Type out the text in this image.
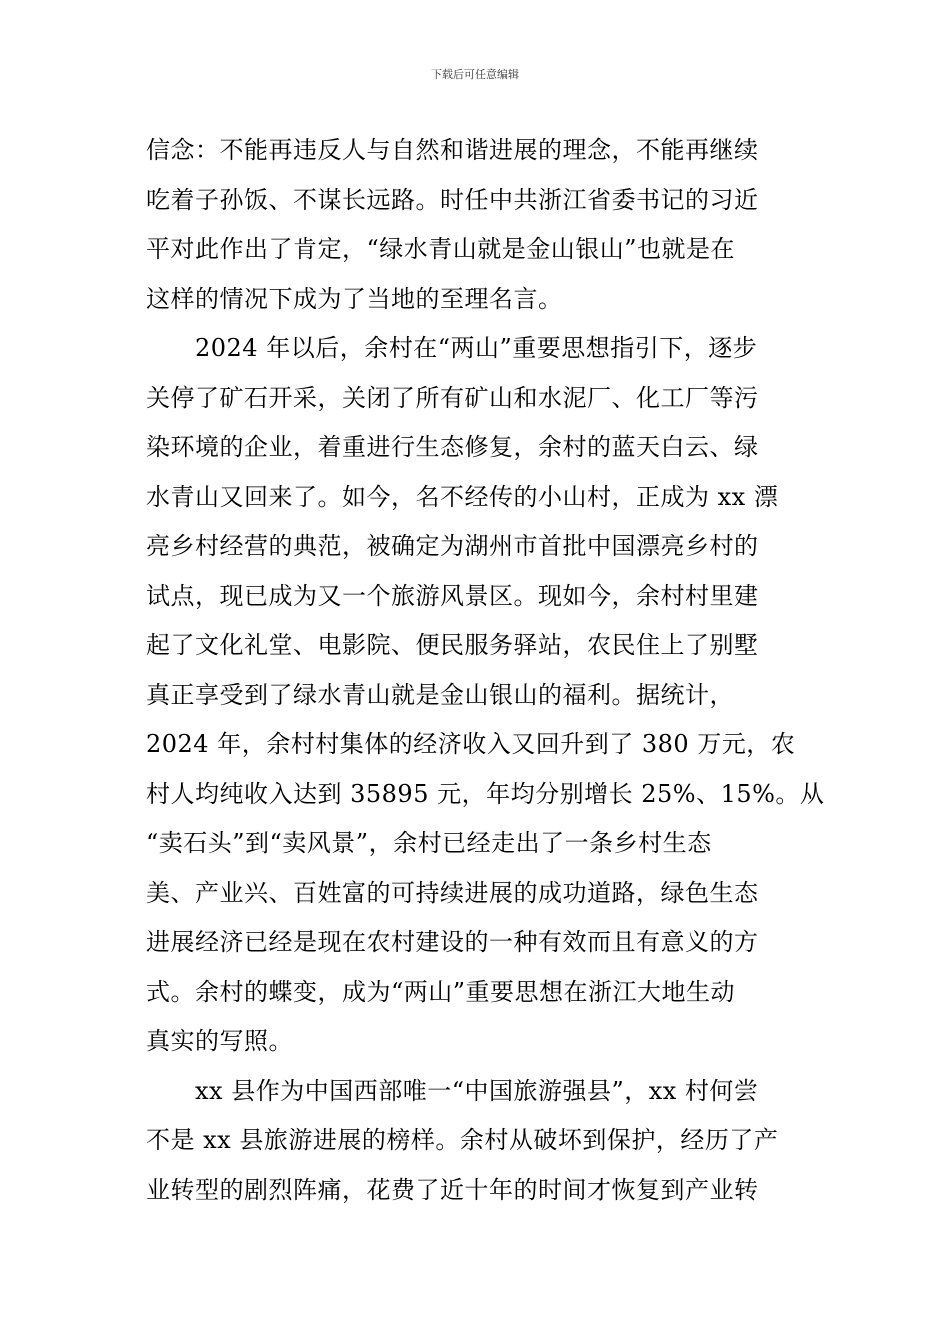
下载后可任意编辑
信念：不能再违反人与自然和谐进展的理念，不能再继续
吃着子孙饭、不谋长远路。时任中共浙江省委书记的习近
平对此作出了肯定，“绿水青山就是金山银山”也就是在
这样的情况下成为了当地的至理名言。
2024 年以后，余村在“两山”重要思想指引下，逐步
关停了矿石开采，关闭了所有矿山和水泥厂、化工厂等污
染环境的企业，着重进行生态修复，余村的蓝天白云、绿
水青山又回来了。如今，名不经传的小山村，正成为 xx 漂
亮乡村经营的典范，被确定为湖州市首批中国漂亮乡村的
试点，现已成为又一个旅游风景区。现如今，余村村里建
起了文化礼堂、电影院、便民服务驿站，农民住上了别墅
真正享受到了绿水青山就是金山银山的福利。据统计，
2024 年，余村村集体的经济收入又回升到了 380 万元，农
村人均纯收入达到 35895 元，年均分别增长 25%、15%。从
“卖石头”到“卖风景”，余村已经走出了一条乡村生态
美、产业兴、百姓富的可持续进展的成功道路，绿色生态
进展经济已经是现在农村建设的一种有效而且有意义的方
式。余村的蝶变，成为“两山”重要思想在浙江大地生动
真实的写照。
xx 县作为中国西部唯一“中国旅游强县”，xx 村何尝
不是 xx 县旅游进展的榜样。余村从破坏到保护，经历了产
业转型的剧烈阵痛，花费了近十年的时间才恢复到产业转
